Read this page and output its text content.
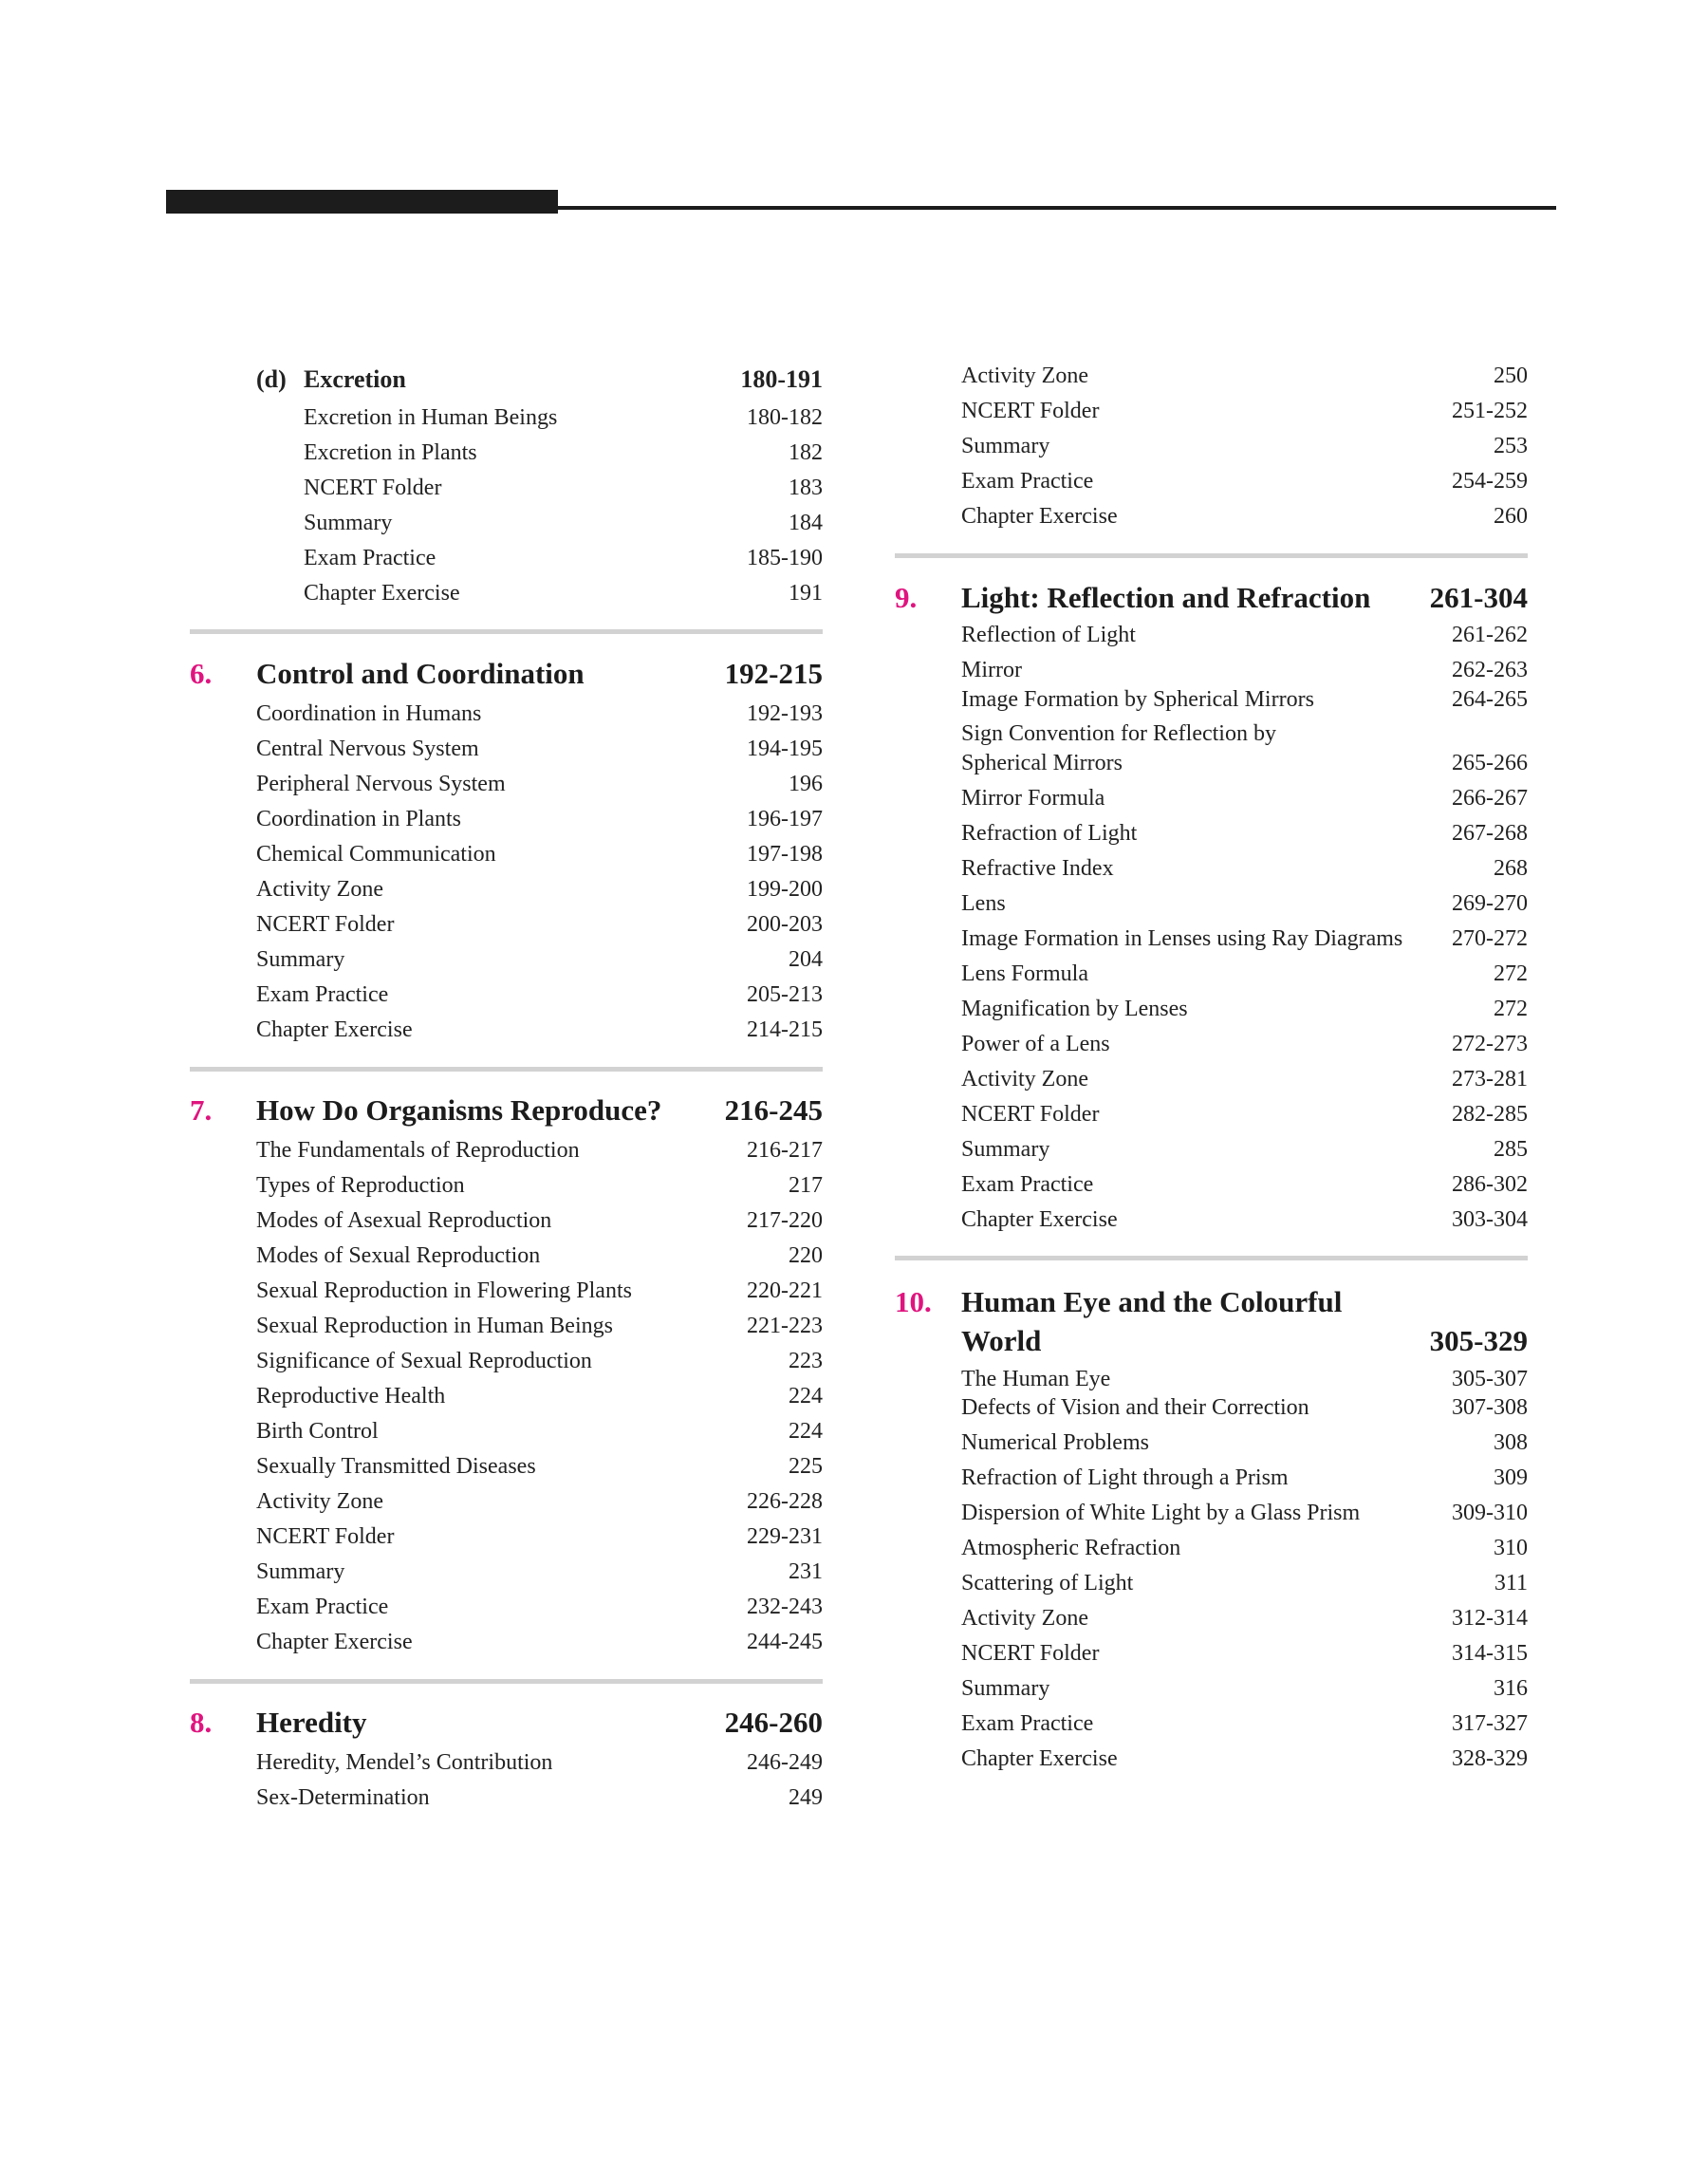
(d) Excretion	180-191
Excretion in Human Beings	180-182
Excretion in Plants	182
NCERT Folder	183
Summary	184
Exam Practice	185-190
Chapter Exercise	191
6. Control and Coordination	192-215
Coordination in Humans	192-193
Central Nervous System	194-195
Peripheral Nervous System	196
Coordination in Plants	196-197
Chemical Communication	197-198
Activity Zone	199-200
NCERT Folder	200-203
Summary	204
Exam Practice	205-213
Chapter Exercise	214-215
7. How Do Organisms Reproduce? 216-245
The Fundamentals of Reproduction	216-217
Types of Reproduction	217
Modes of Asexual Reproduction	217-220
Modes of Sexual Reproduction	220
Sexual Reproduction in Flowering Plants	220-221
Sexual Reproduction in Human Beings	221-223
Significance of Sexual Reproduction	223
Reproductive Health	224
Birth Control	224
Sexually Transmitted Diseases	225
Activity Zone	226-228
NCERT Folder	229-231
Summary	231
Exam Practice	232-243
Chapter Exercise	244-245
8. Heredity	246-260
Heredity, Mendel’s Contribution	246-249
Sex-Determination	249
Activity Zone	250
NCERT Folder	251-252
Summary	253
Exam Practice	254-259
Chapter Exercise	260
9. Light: Reflection and Refraction 261-304
Reflection of Light	261-262
Mirror	262-263
Image Formation by Spherical Mirrors	264-265
Sign Convention for Reflection by
Spherical Mirrors	265-266
Mirror Formula	266-267
Refraction of Light	267-268
Refractive Index	268
Lens	269-270
Image Formation in Lenses using Ray Diagrams 270-272
Lens Formula	272
Magnification by Lenses	272
Power of a Lens	272-273
Activity Zone	273-281
NCERT Folder	282-285
Summary	285
Exam Practice	286-302
Chapter Exercise	303-304
10. Human Eye and the Colourful
World	305-329
The Human Eye	305-307
Defects of Vision and their Correction	307-308
Numerical Problems	308
Refraction of Light through a Prism	309
Dispersion of White Light by a Glass Prism	309-310
Atmospheric Refraction	310
Scattering of Light	311
Activity Zone	312-314
NCERT Folder	314-315
Summary	316
Exam Practice	317-327
Chapter Exercise	328-329
